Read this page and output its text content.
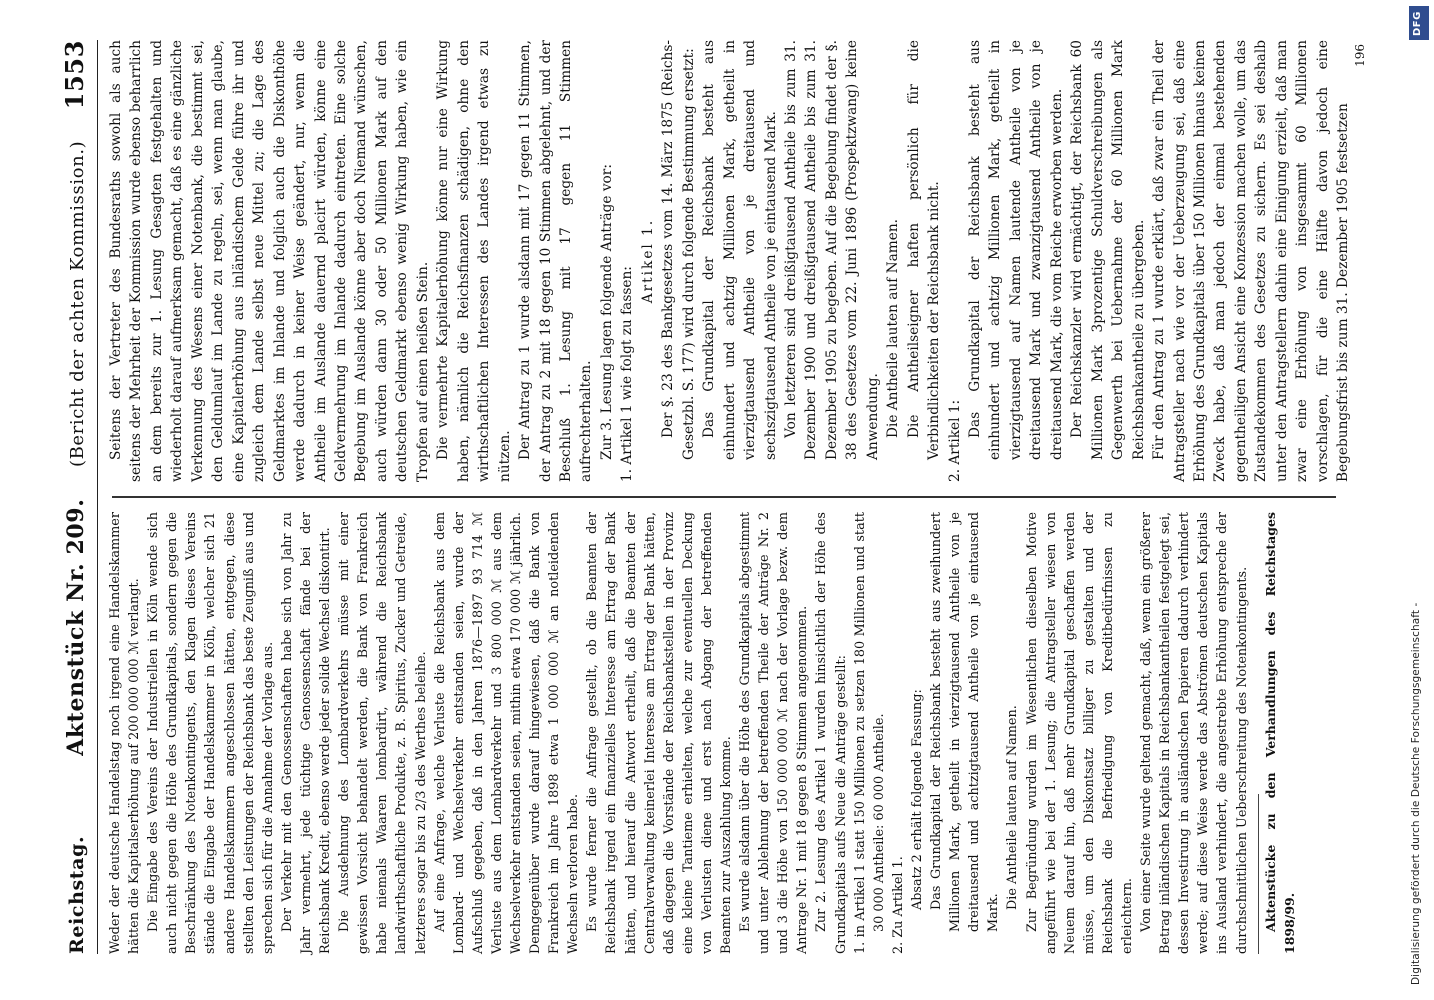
Reichstag.
Aktenstück Nr. 209.
(Bericht der achten Kommission.)
1553

Weder der deutsche Handelstag noch irgend eine Handelskammer hätten die Kapitalserhöhung auf 200 000 000 ℳ verlangt. Die Eingabe des Vereins der Industriellen in Köln wende sich auch nicht gegen die Höhe des Grundkapitals, sondern gegen die Beschränkung des Notenkontingents, den Klagen dieses Vereins stände die Eingabe der Handelskammer in Köln, welcher sich 21 andere Handelskammern angeschlossen hätten, entgegen, diese stellten den Leistungen der Reichsbank das beste Zeugniß aus und sprechen sich für die Annahme der Vorlage aus. Der Verkehr mit den Genossenschaften habe sich von Jahr zu Jahr vermehrt, jede tüchtige Genossenschaft fände bei der Reichsbank Kredit, ebenso werde jeder solide Wechsel diskontirt. Die Ausdehnung des Lombardverkehrs müsse mit einer gewissen Vorsicht behandelt werden, die Bank von Frankreich habe niemals Waaren lombardirt, während die Reichsbank landwirthschaftliche Produkte, z. B. Spiritus, Zucker und Getreide, letzteres sogar bis zu 2/3 des Werthes beleihe. Auf eine Anfrage, welche Verluste die Reichsbank aus dem Lombard- und Wechselverkehr entstanden seien, wurde der Aufschluß gegeben, daß in den Jahren 1876—1897 93 714 ℳ Verluste aus dem Lombardverkehr und 3 800 000 ℳ aus dem Wechselverkehr entstanden seien, mithin etwa 170 000 ℳ jährlich. Demgegenüber wurde darauf hingewiesen, daß die Bank von Frankreich im Jahre 1898 etwa 1 000 000 ℳ an notleidenden Wechseln verloren habe. Es wurde ferner die Anfrage gestellt, ob die Beamten der Reichsbank irgend ein finanzielles Interesse am Ertrag der Bank hätten, und hierauf die Antwort ertheilt, daß die Beamten der Centralverwaltung keinerlei Interesse am Ertrag der Bank hätten, daß dagegen die Vorstände der Reichsbankstellen in der Provinz eine kleine Tantieme erhielten, welche zur eventuellen Deckung von Verlusten diene und erst nach Abgang der betreffenden Beamten zur Auszahlung komme. Es wurde alsdann über die Höhe des Grundkapitals abgestimmt und unter Ablehnung der betreffenden Theile der Anträge Nr. 2 und 3 die Höhe von 150 000 000 ℳ nach der Vorlage bezw. dem Antrage Nr. 1 mit 18 gegen 8 Stimmen angenommen. Zur 2. Lesung des Artikel 1 wurden hinsichtlich der Höhe des Grundkapitals aufs Neue die Anträge gestellt: 1. in Artikel 1 statt 150 Millionen zu setzen 180 Millionen und statt 30 000 Antheile: 60 000 Antheile. 2. Zu Artikel 1. Absatz 2 erhält folgende Fassung: Das Grundkapital der Reichsbank besteht aus zweihundert Millionen Mark, getheilt in vierzigtausend Antheile von je dreitausend und achtzigtausend Antheile von je eintausend Mark.

Die Antheile lauten auf Namen. Zur Begründung wurden im Wesentlichen dieselben Motive angeführt wie bei der 1. Lesung; die Antragsteller wiesen von Neuem darauf hin, daß mehr Grundkapital geschaffen werden müsse, um den Diskontsatz billiger zu gestalten und der Reichsbank die Befriedigung von Kreditbedürfnissen zu erleichtern. Von einer Seite wurde geltend gemacht, daß, wenn ein größerer Betrag inländischen Kapitals in Reichsbankantheilen festgelegt sei, dessen Investirung in ausländischen Papieren dadurch verhindert werde; auf diese Weise werde das Abströmen deutschen Kapitals ins Ausland verhindert, die angestrebte Erhöhung entspreche der durchschnittlichen Ueberschreitung des Notenkontingents. Aktenstücke zu den Verhandlungen des Reichstages 1898/99.

Seitens der Vertreter des Bundesraths sowohl als auch seitens der Mehrheit der Kommission wurde ebenso beharrlich an dem bereits zur 1. Lesung Gesagten festgehalten und wiederholt darauf aufmerksam gemacht, daß es eine gänzliche Verkennung des Wesens einer Notenbank, die bestimmt sei, den Geldumlauf im Lande zu regeln, sei, wenn man glaube, eine Kapitalerhöhung aus inländischem Gelde führe ihr und zugleich dem Lande selbst neue Mittel zu; die Lage des Geldmarktes im Inlande und folglich auch die Diskonthöhe werde dadurch in keiner Weise geändert, nur, wenn die Antheile im Auslande dauernd placirt würden, könne eine Geldvermehrung im Inlande dadurch eintreten. Eine solche Begebung im Auslande könne aber doch Niemand wünschen, auch würden dann 30 oder 50 Millionen Mark auf den deutschen Geldmarkt ebenso wenig Wirkung haben, wie ein Tropfen auf einen heißen Stein. Die vermehrte Kapitalerhöhung könne nur eine Wirkung haben, nämlich die Reichsfinanzen schädigen, ohne den wirthschaftlichen Interessen des Landes irgend etwas zu nützen. Der Antrag zu 1 wurde alsdann mit 17 gegen 11 Stimmen, der Antrag zu 2 mit 18 gegen 10 Stimmen abgelehnt, und der Beschluß 1. Lesung mit 17 gegen 11 Stimmen aufrechterhalten. Zur 3. Lesung lagen folgende Anträge vor: 1. Artikel 1 wie folgt zu fassen:

Artikel 1. Der §. 23 des Bankgesetzes vom 14. März 1875 (Reichs-Gesetzbl. S. 177) wird durch folgende Bestimmung ersetzt: Das Grundkapital der Reichsbank besteht aus einhundert und achtzig Millionen Mark, getheilt in vierzigtausend Antheile von je dreitausend und sechszigtausend Antheile von je eintausend Mark. Von letzteren sind dreißigtausend Antheile bis zum 31. Dezember 1900 und dreißigtausend Antheile bis zum 31. Dezember 1905 zu begeben. Auf die Begebung findet der §. 38 des Gesetzes vom 22. Juni 1896 (Prospektzwang) keine Anwendung. Die Antheile lauten auf Namen. Die Antheilseigner haften persönlich für die Verbindlichkeiten der Reichsbank nicht. 2. Artikel 1:

Das Grundkapital der Reichsbank besteht aus einhundert und achtzig Millionen Mark, getheilt in vierzigtausend auf Namen lautende Antheile von je dreitausend Mark und zwanzigtausend Antheile von je dreitausend Mark, die vom Reiche erworben werden. Der Reichskanzler wird ermächtigt, der Reichsbank 60 Millionen Mark 3prozentige Schuldverschreibungen als Gegenwerth bei Uebernahme der 60 Millionen Mark Reichsbankantheile zu übergeben. Für den Antrag zu 1 wurde erklärt, daß zwar ein Theil der Antragsteller nach wie vor der Ueberzeugung sei, daß eine Erhöhung des Grundkapitals über 150 Millionen hinaus keinen Zweck habe, daß man jedoch der einmal bestehenden gegentheiligen Ansicht eine Konzession machen wolle, um das Zustandekommen des Gesetzes zu sichern. Es sei deshalb unter den Antragstellern dahin eine Einigung erzielt, daß man zwar eine Erhöhung von insgesammt 60 Millionen vorschlagen, für die eine Hälfte davon jedoch eine Begebungsfrist bis zum 31. Dezember 1905 festsetzen

196
DFG
Digitalisierung gefördert durch die Deutsche Forschungsgemeinschaft -
